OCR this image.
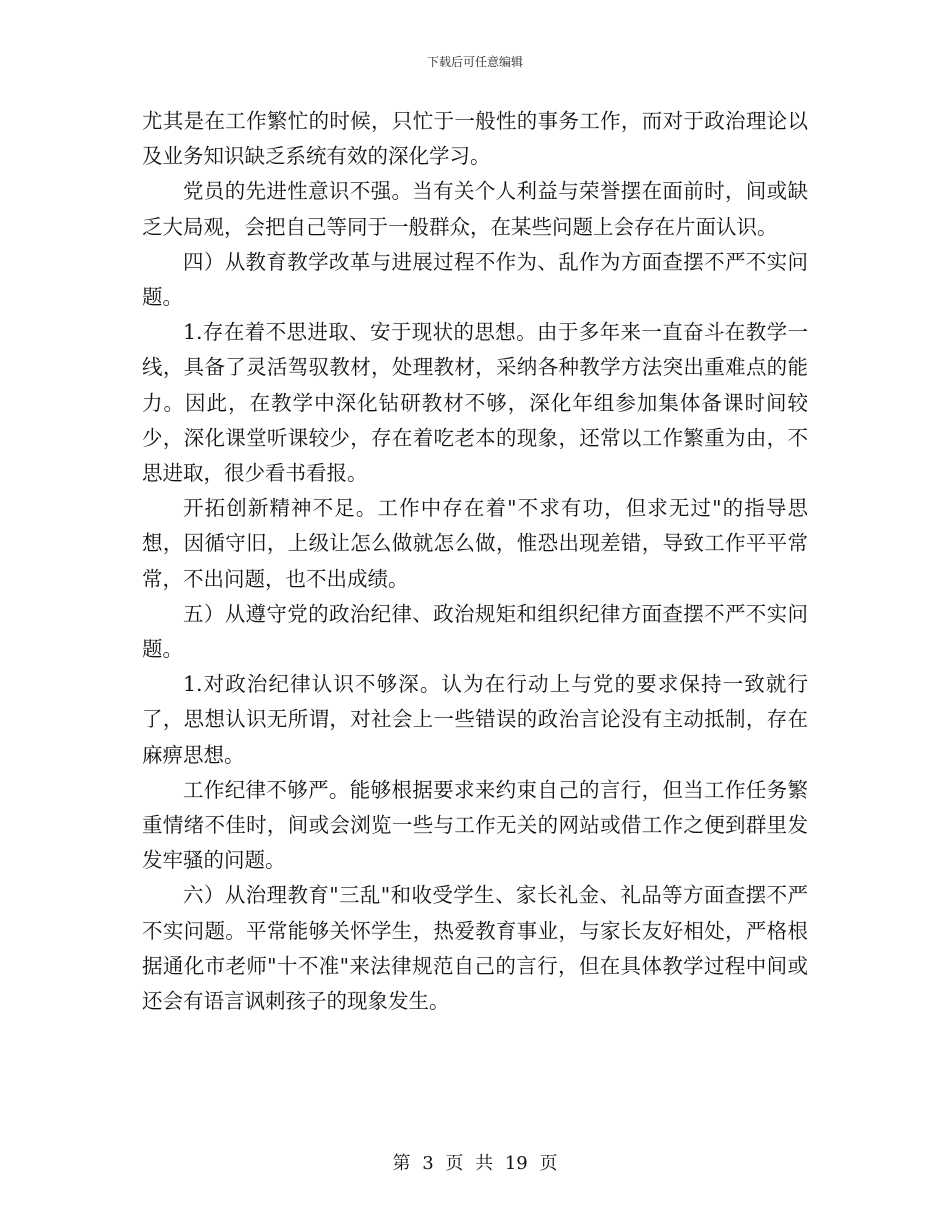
下载后可任意编辑

尤其是在工作繁忙的时候，只忙于一般性的事务工作，而对于政治理论以及业务知识缺乏系统有效的深化学习。

党员的先进性意识不强。当有关个人利益与荣誉摆在面前时，间或缺乏大局观，会把自己等同于一般群众，在某些问题上会存在片面认识。

四）从教育教学改革与进展过程不作为、乱作为方面查摆不严不实问题。

1.存在着不思进取、安于现状的思想。由于多年来一直奋斗在教学一线，具备了灵活驾驭教材，处理教材，采纳各种教学方法突出重难点的能力。因此，在教学中深化钻研教材不够，深化年组参加集体备课时间较少，深化课堂听课较少，存在着吃老本的现象，还常以工作繁重为由，不思进取，很少看书看报。

开拓创新精神不足。工作中存在着"不求有功，但求无过"的指导思想，因循守旧，上级让怎么做就怎么做，惟恐出现差错，导致工作平平常常，不出问题，也不出成绩。

五）从遵守党的政治纪律、政治规矩和组织纪律方面查摆不严不实问题。

1.对政治纪律认识不够深。认为在行动上与党的要求保持一致就行了，思想认识无所谓，对社会上一些错误的政治言论没有主动抵制，存在麻痹思想。

工作纪律不够严。能够根据要求来约束自己的言行，但当工作任务繁重情绪不佳时，间或会浏览一些与工作无关的网站或借工作之便到群里发发牢骚的问题。

六）从治理教育"三乱"和收受学生、家长礼金、礼品等方面查摆不严不实问题。平常能够关怀学生，热爱教育事业，与家长友好相处，严格根据通化市老师"十不准"来法律规范自己的言行，但在具体教学过程中间或还会有语言讽刺孩子的现象发生。

第 3 页 共 19 页
